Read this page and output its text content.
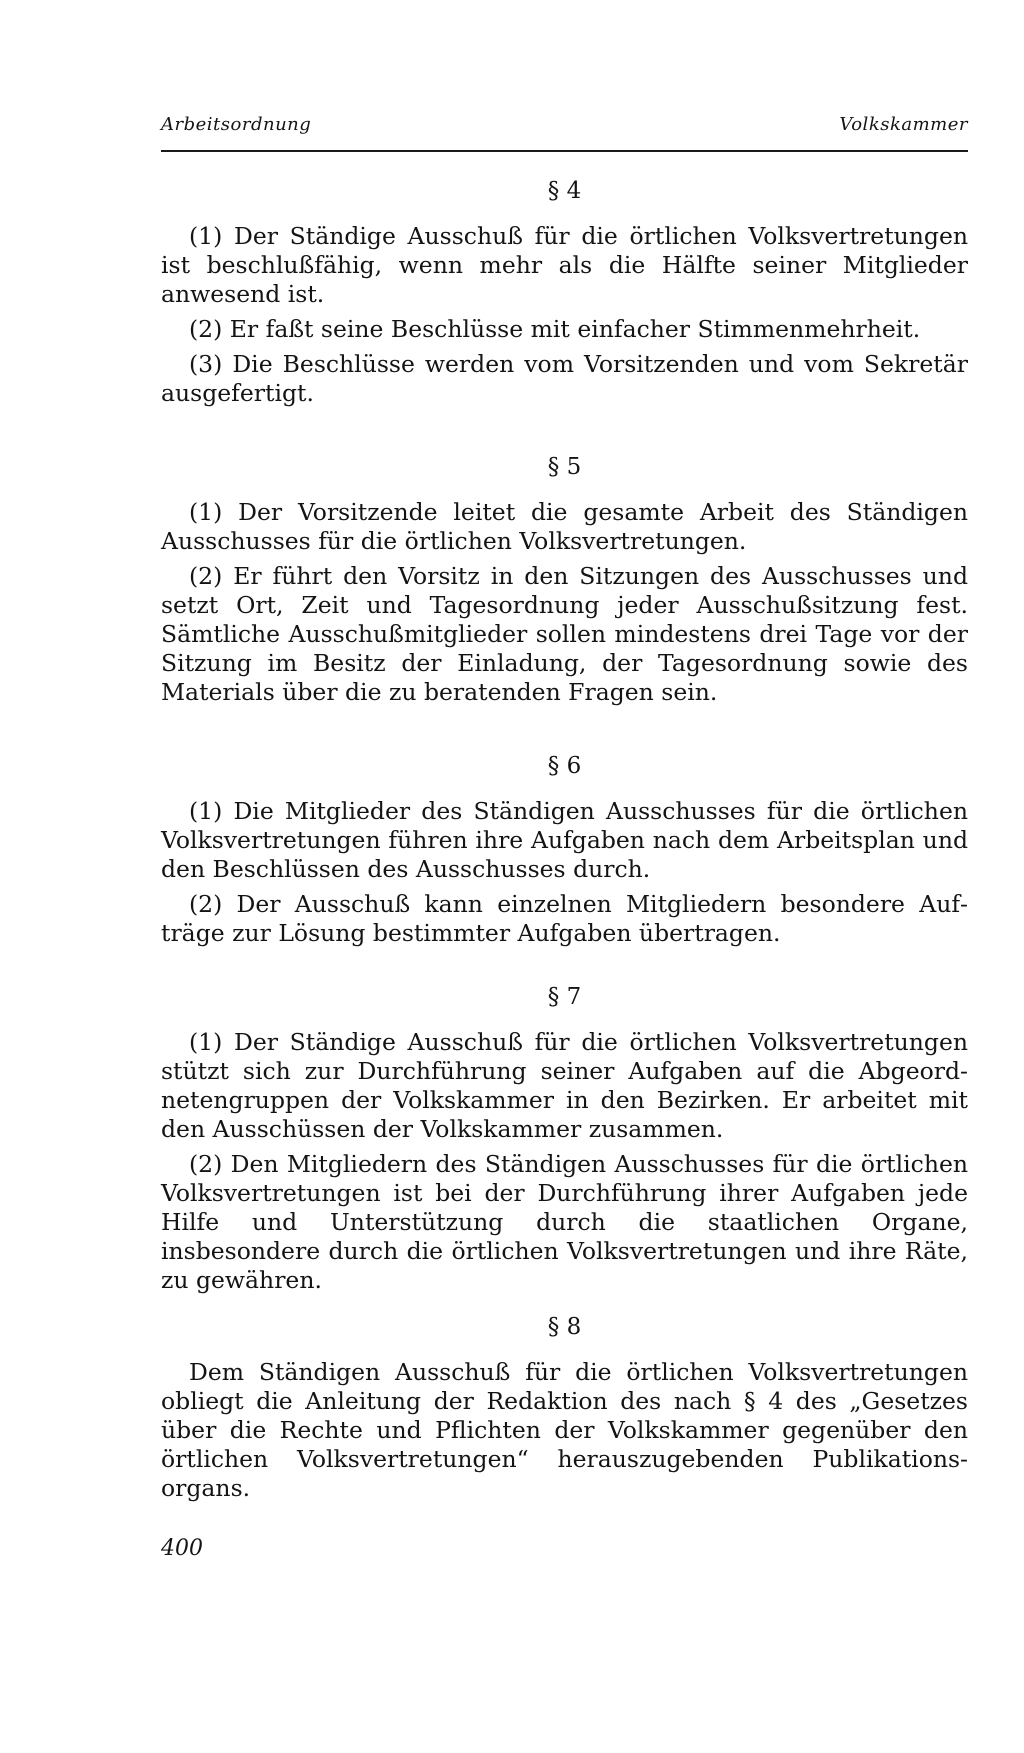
Arbeitsordnung	Volkskammer
§ 4

(1) Der Ständige Ausschuß für die örtlichen Volksvertretungen ist beschlußfähig, wenn mehr als die Hälfte seiner Mitglieder anwesend ist.

(2) Er faßt seine Beschlüsse mit einfacher Stimmenmehrheit.

(3) Die Beschlüsse werden vom Vorsitzenden und vom Sekretär ausgefertigt.

§ 5

(1) Der Vorsitzende leitet die gesamte Arbeit des Ständigen Ausschusses für die örtlichen Volksvertretungen.

(2) Er führt den Vorsitz in den Sitzungen des Ausschusses und setzt Ort, Zeit und Tagesordnung jeder Ausschußsitzung fest. Sämtliche Ausschußmitglieder sollen mindestens drei Tage vor der Sitzung im Besitz der Einladung, der Tagesordnung sowie des Materials über die zu beratenden Fragen sein.

§ 6

(1) Die Mitglieder des Ständigen Ausschusses für die örtlichen Volksvertretungen führen ihre Aufgaben nach dem Arbeitsplan und den Beschlüssen des Ausschusses durch.

(2) Der Ausschuß kann einzelnen Mitgliedern besondere Aufträge zur Lösung bestimmter Aufgaben übertragen.

§ 7

(1) Der Ständige Ausschuß für die örtlichen Volksvertretungen stützt sich zur Durchführung seiner Aufgaben auf die Abgeordnetengruppen der Volkskammer in den Bezirken. Er arbeitet mit den Ausschüssen der Volkskammer zusammen.

(2) Den Mitgliedern des Ständigen Ausschusses für die örtlichen Volksvertretungen ist bei der Durchführung ihrer Aufgaben jede Hilfe und Unterstützung durch die staatlichen Organe, insbesondere durch die örtlichen Volksvertretungen und ihre Räte, zu gewähren.

§ 8

Dem Ständigen Ausschuß für die örtlichen Volksvertretungen obliegt die Anleitung der Redaktion des nach § 4 des „Gesetzes über die Rechte und Pflichten der Volkskammer gegenüber den örtlichen Volksvertretungen“ herauszugebenden Publikationsorgans.

400
